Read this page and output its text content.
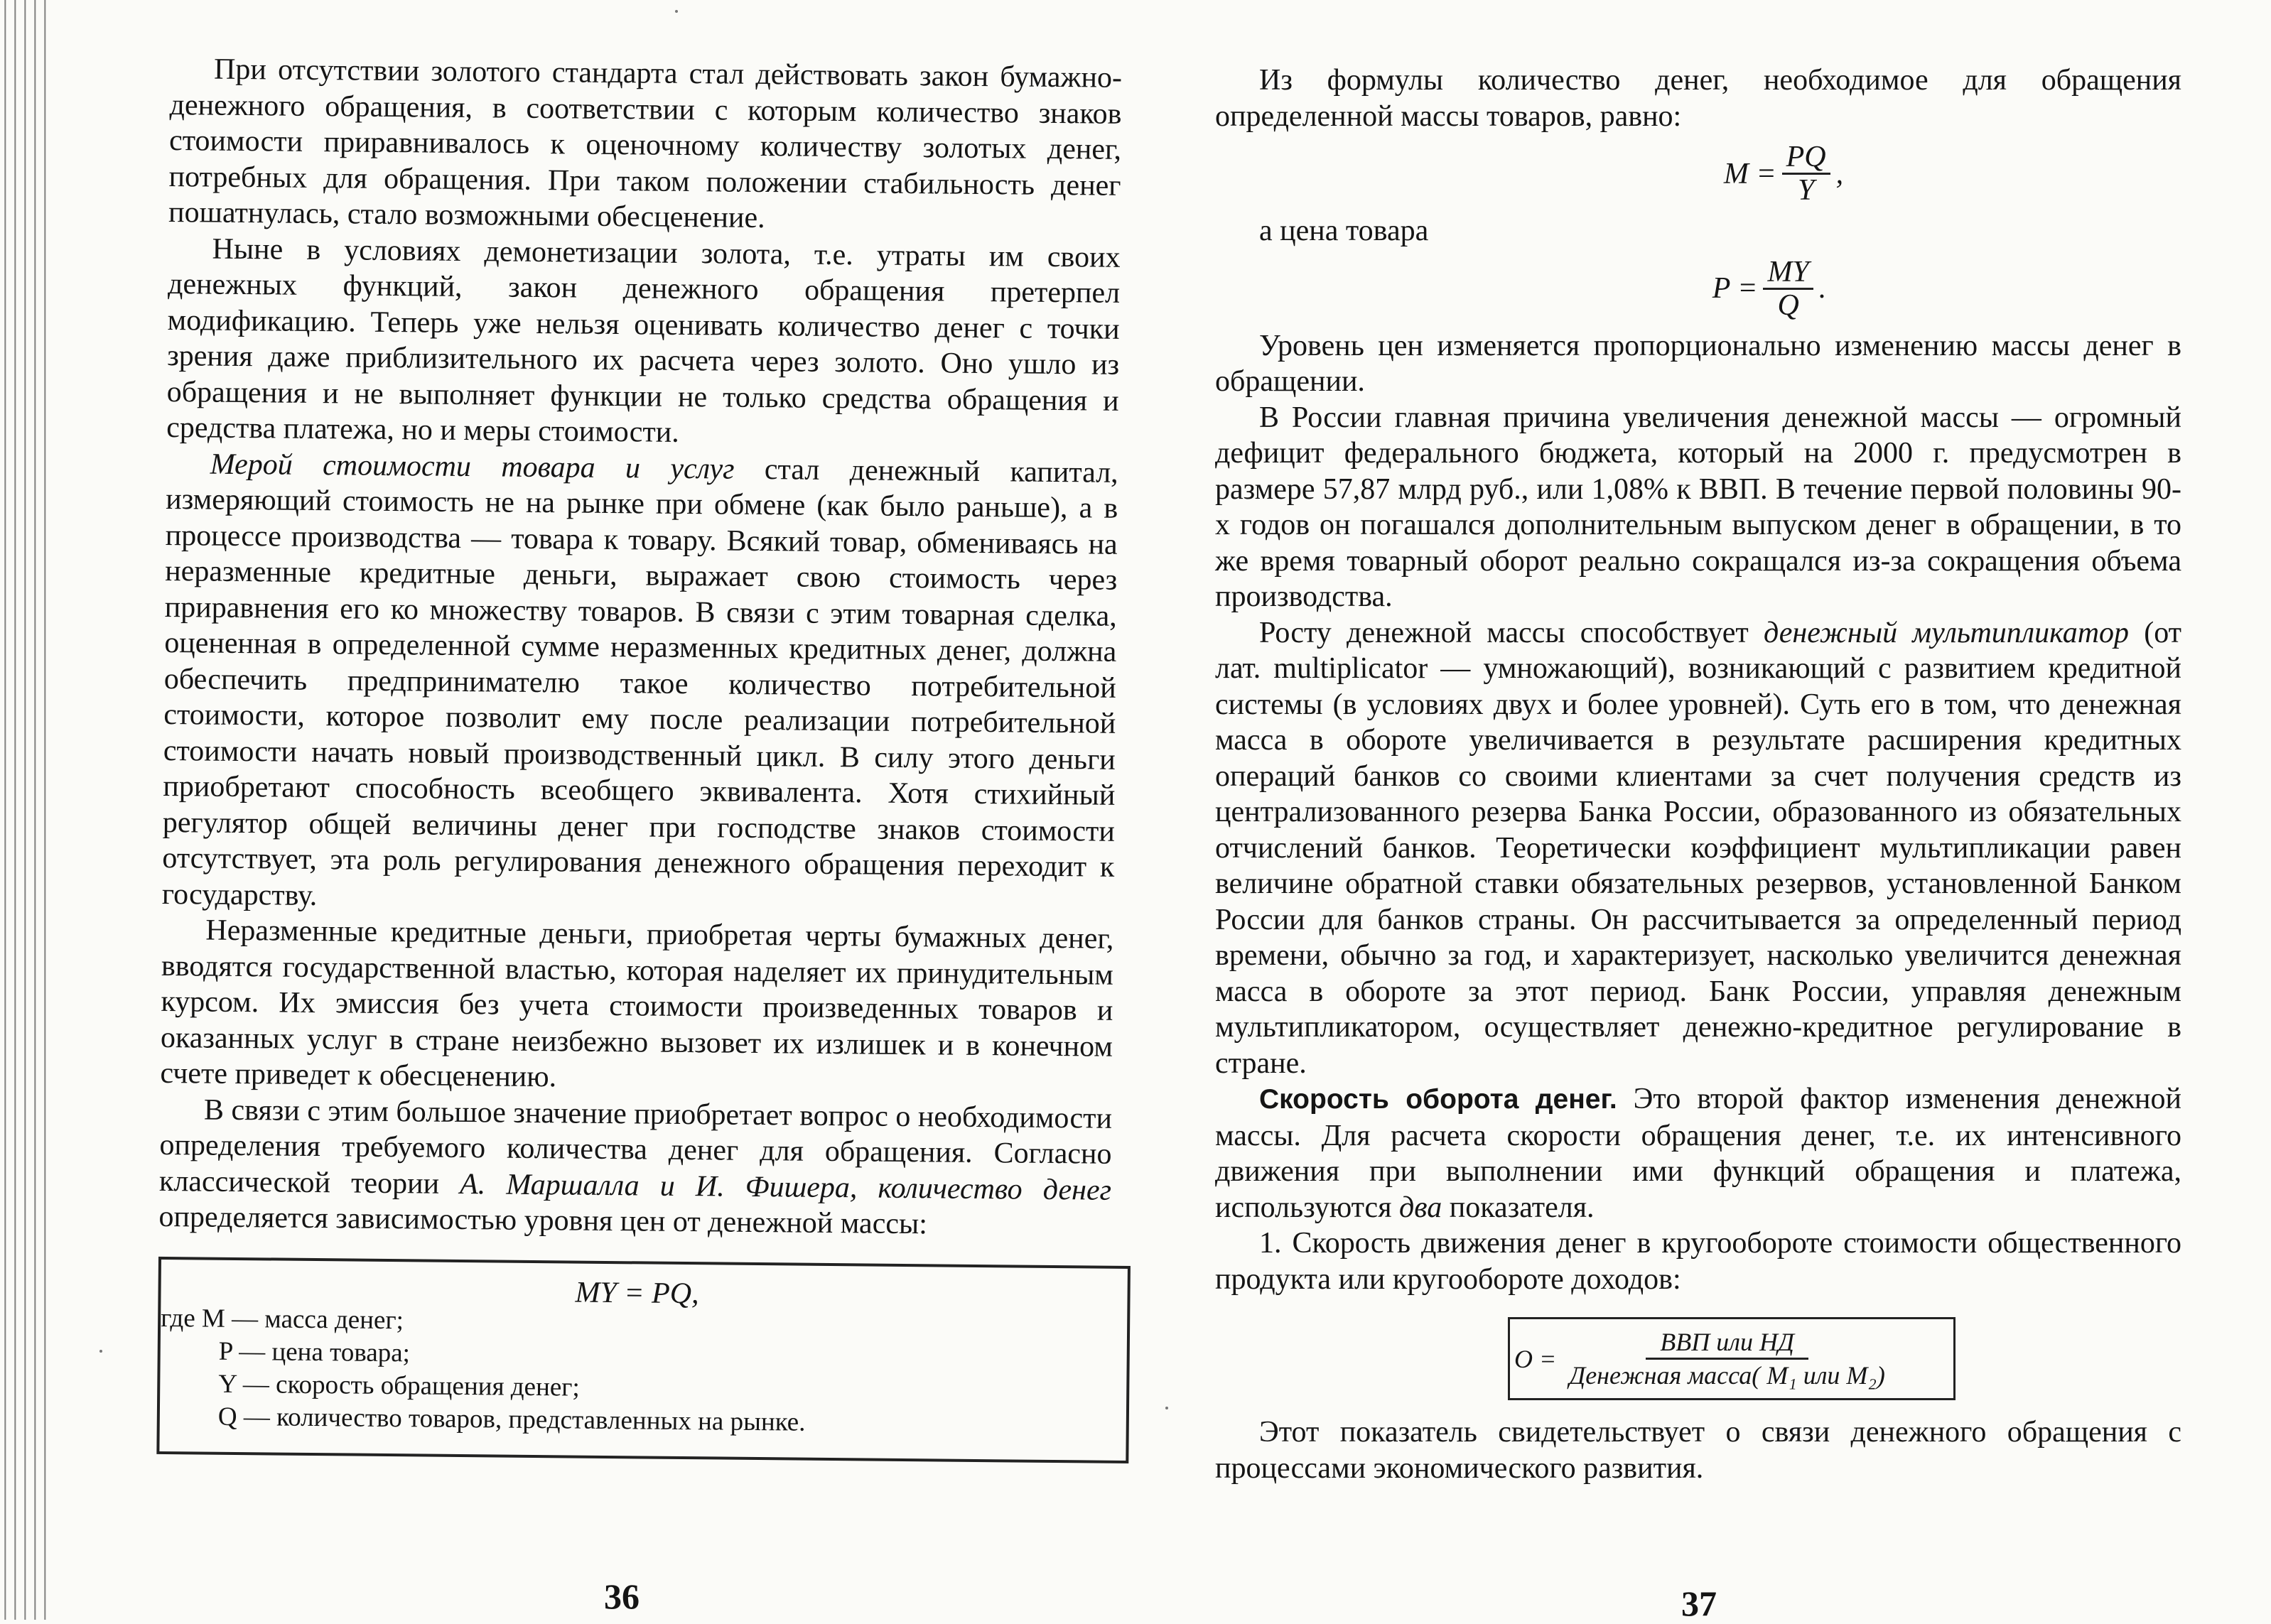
При отсутствии золотого стандарта стал действовать закон бумажно-денежного обращения, в соответствии с которым количество знаков стоимости приравнивалось к оценочному количеству золотых денег, потребных для обращения. При таком положении стабильность денег пошатнулась, стало возможными обесценение.

Ныне в условиях демонетизации золота, т.е. утраты им своих денежных функций, закон денежного обращения претерпел модификацию. Теперь уже нельзя оценивать количество денег с точки зрения даже приблизительного их расчета через золото. Оно ушло из обращения и не выполняет функции не только средства обращения и средства платежа, но и меры стоимости.

Мерой стоимости товара и услуг стал денежный капитал, измеряющий стоимость не на рынке при обмене (как было раньше), а в процессе производства — товара к товару. Всякий товар, обмениваясь на неразменные кредитные деньги, выражает свою стоимость через приравнения его ко множеству товаров. В связи с этим товарная сделка, оцененная в определенной сумме неразменных кредитных денег, должна обеспечить предпринимателю такое количество потребительной стоимости, которое позволит ему после реализации потребительной стоимости начать новый производственный цикл. В силу этого деньги приобретают способность всеобщего эквивалента. Хотя стихийный регулятор общей величины денег при господстве знаков стоимости отсутствует, эта роль регулирования денежного обращения переходит к государству.

Неразменные кредитные деньги, приобретая черты бумажных денег, вводятся государственной властью, которая наделяет их принудительным курсом. Их эмиссия без учета стоимости произведенных товаров и оказанных услуг в стране неизбежно вызовет их излишек и в конечном счете приведет к обесценению.

В связи с этим большое значение приобретает вопрос о необходимости определения требуемого количества денег для обращения. Согласно классической теории А. Маршалла и И. Фишера, количество денег определяется зависимостью уровня цен от денежной массы:

MY = PQ,
где M — масса денег;
P — цена товара;
Y — скорость обращения денег;
Q — количество товаров, представленных на рынке.
36

Из формулы количество денег, необходимое для обращения определенной массы товаров, равно:

$M = \frac{PQ}{Y}$ ,

а цена товара

$P = \frac{MY}{Q}$ .

Уровень цен изменяется пропорционально изменению массы денег в обращении.

В России главная причина увеличения денежной массы — огромный дефицит федерального бюджета, который на 2000 г. предусмотрен в размере 57,87 млрд руб., или 1,08% к ВВП. В течение первой половины 90-х годов он погашался дополнительным выпуском денег в обращении, в то же время товарный оборот реально сокращался из-за сокращения объема производства.

Росту денежной массы способствует денежный мультипликатор (от лат. multiplicator — умножающий), возникающий с развитием кредитной системы (в условиях двух и более уровней). Суть его в том, что денежная масса в обороте увеличивается в результате расширения кредитных операций банков со своими клиентами за счет получения средств из централизованного резерва Банка России, образованного из обязательных отчислений банков. Теоретически коэффициент мультипликации равен величине обратной ставки обязательных резервов, установленной Банком России для банков страны. Он рассчитывается за определенный период времени, обычно за год, и характеризует, насколько увеличится денежная масса в обороте за этот период. Банк России, управляя денежным мультипликатором, осуществляет денежно-кредитное регулирование в стране.

Скорость оборота денег. Это второй фактор изменения денежной массы. Для расчета скорости обращения денег, т.е. их интенсивного движения при выполнении ими функций обращения и платежа, используются два показателя.

1. Скорость движения денег в кругообороте стоимости общественного продукта или кругообороте доходов:

$O = \frac{\text{ВВП или НД}}{\text{Денежная масса( M₁ или M₂)}}$

Этот показатель свидетельствует о связи денежного обращения с процессами экономического развития.

37
